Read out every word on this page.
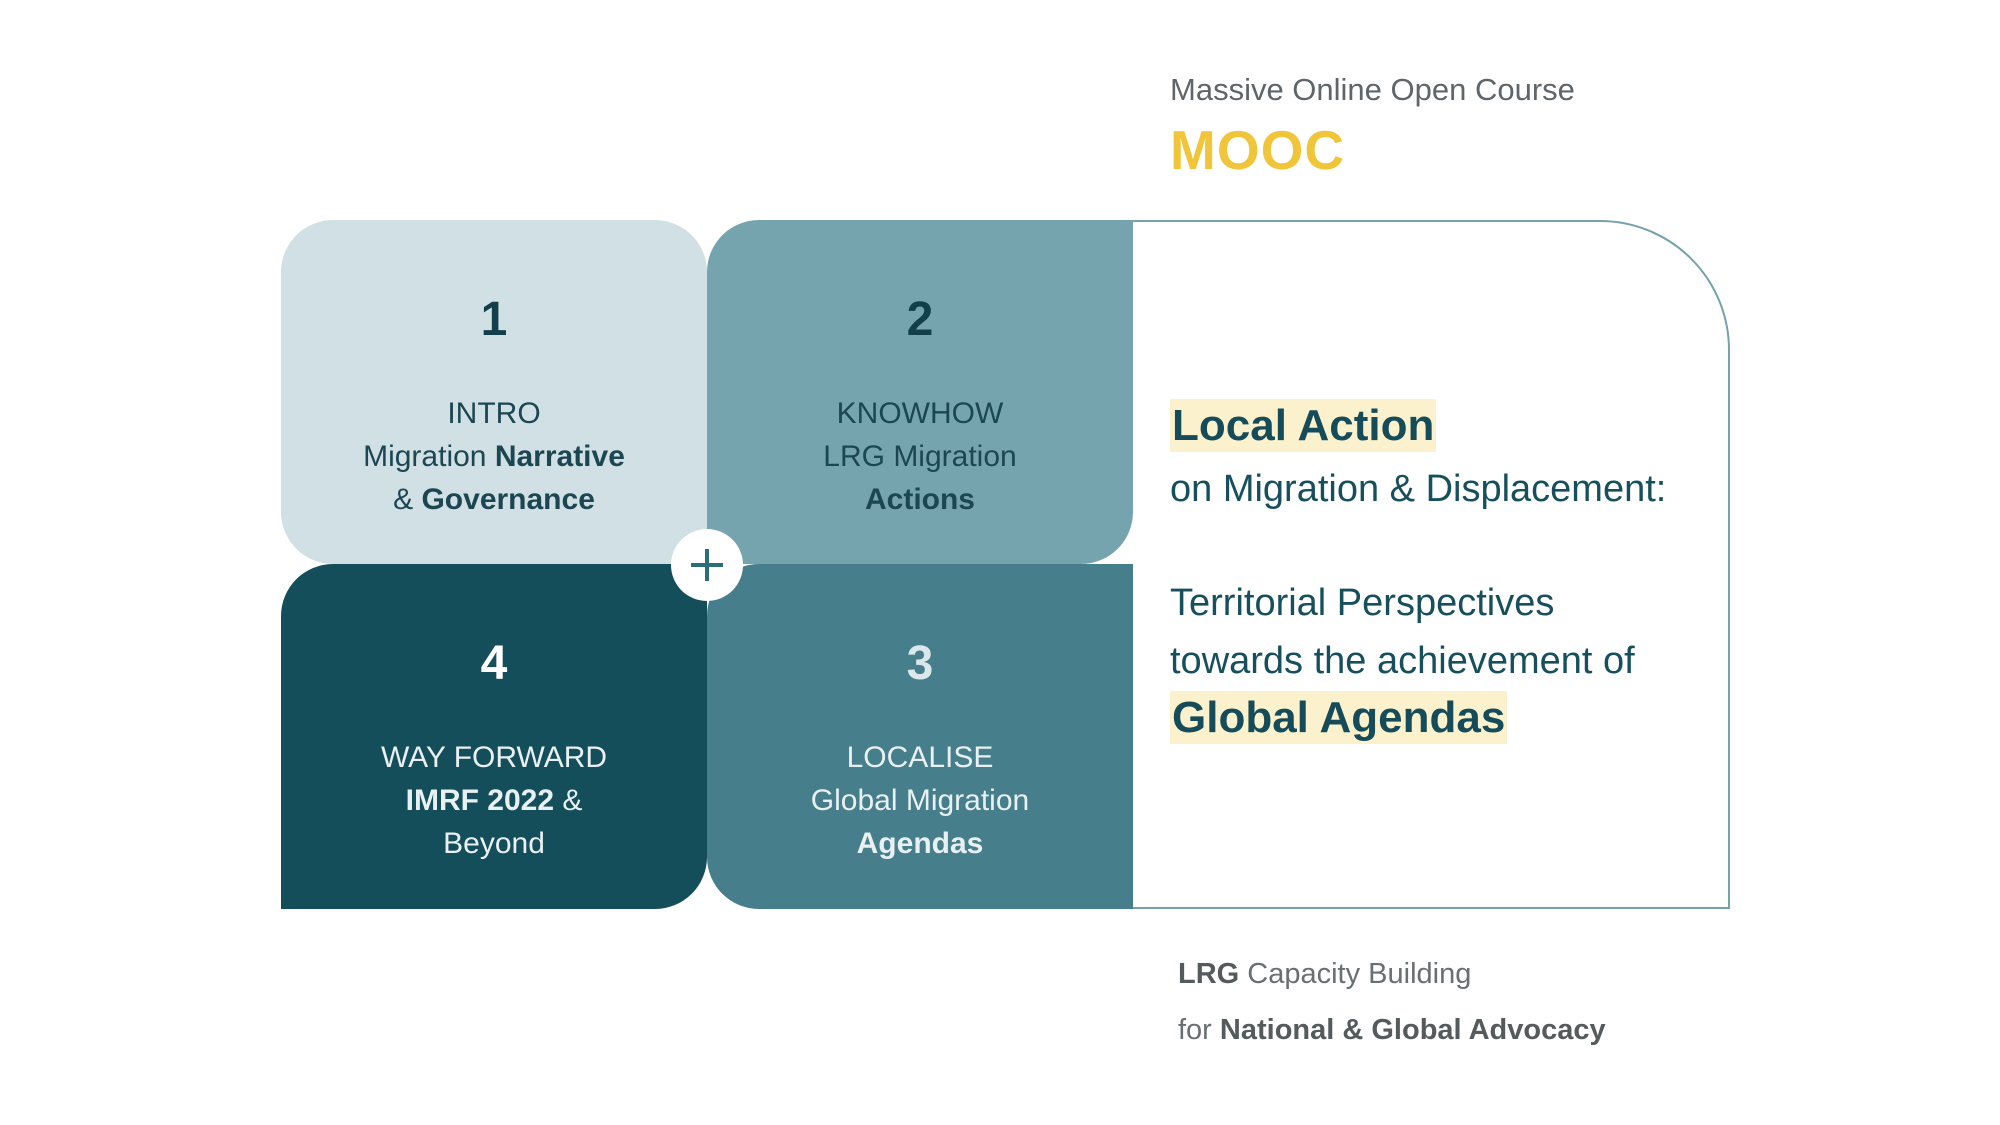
Massive Online Open Course
MOOC
Local Action
on Migration & Displacement:
Territorial Perspectives
towards the achievement of
Global Agendas
1
INTRO
Migration Narrative
& Governance
2
KNOWHOW
LRG Migration
Actions
4
WAY FORWARD
IMRF 2022 &
Beyond
3
LOCALISE
Global Migration
Agendas
LRG Capacity Building
for National & Global Advocacy
